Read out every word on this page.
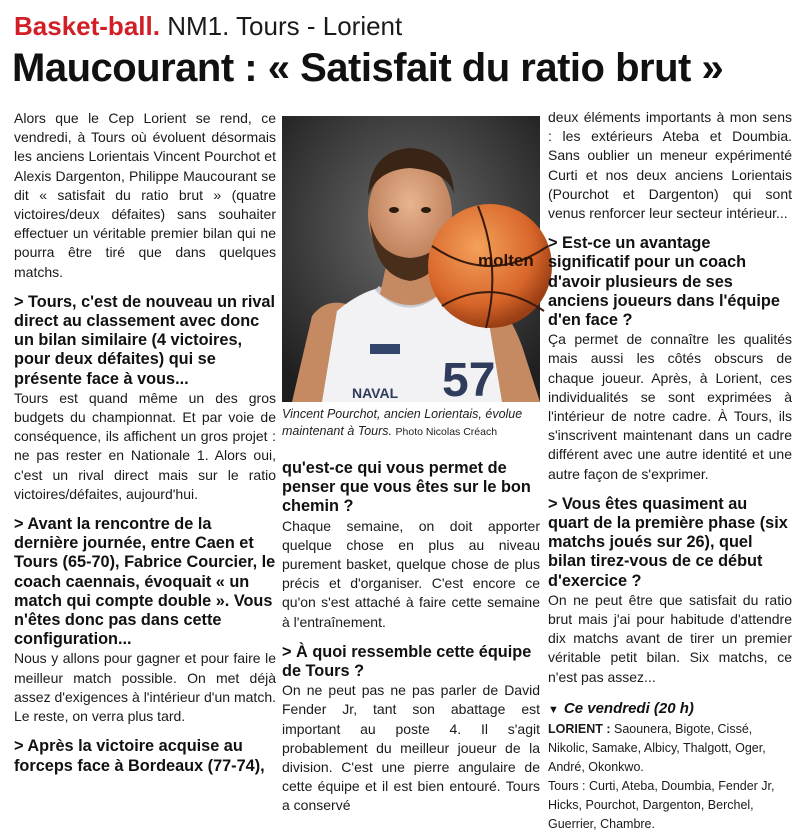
Basket-ball. NM1. Tours - Lorient
Maucourant : « Satisfait du ratio brut »

Alors que le Cep Lorient se rend, ce vendredi, à Tours où évoluent désormais les anciens Lorientais Vincent Pourchot et Alexis Dargenton, Philippe Maucourant se dit « satisfait du ratio brut » (quatre victoires/deux défaites) sans souhaiter effectuer un véritable premier bilan qui ne pourra être tiré que dans quelques matchs.

> Tours, c'est de nouveau un rival direct au classement avec donc un bilan similaire (4 victoires, pour deux défaites) qui se présente face à vous...

Tours est quand même un des gros budgets du championnat. Et par voie de conséquence, ils affichent un gros projet : ne pas rester en Nationale 1. Alors oui, c'est un rival direct mais sur le ratio victoires/défaites, aujourd'hui.

> Avant la rencontre de la dernière journée, entre Caen et Tours (65-70), Fabrice Courcier, le coach caennais, évoquait « un match qui compte double ». Vous n'êtes donc pas dans cette configuration...

Nous y allons pour gagner et pour faire le meilleur match possible. On met déjà assez d'exigences à l'intérieur d'un match. Le reste, on verra plus tard.

> Après la victoire acquise au forceps face à Bordeaux (77-74),
57
NAVAL
molten
Vincent Pourchot, ancien Lorientais, évolue maintenant à Tours. Photo Nicolas Créach
qu'est-ce qui vous permet de penser que vous êtes sur le bon chemin ?

Chaque semaine, on doit apporter quelque chose en plus au niveau purement basket, quelque chose de plus précis et d'organiser. C'est encore ce qu'on s'est attaché à faire cette semaine à l'entraînement.

> À quoi ressemble cette équipe de Tours ?

On ne peut pas ne pas parler de David Fender Jr, tant son abattage est important au poste 4. Il s'agit probablement du meilleur joueur de la division. C'est une pierre angulaire de cette équipe et il est bien entouré. Tours a conservé

deux éléments importants à mon sens : les extérieurs Ateba et Doumbia. Sans oublier un meneur expérimenté Curti et nos deux anciens Lorientais (Pourchot et Dargenton) qui sont venus renforcer leur secteur intérieur...

> Est-ce un avantage significatif pour un coach d'avoir plusieurs de ses anciens joueurs dans l'équipe d'en face ?

Ça permet de connaître les qualités mais aussi les côtés obscurs de chaque joueur. Après, à Lorient, ces individualités se sont exprimées à l'intérieur de notre cadre. À Tours, ils s'inscrivent maintenant dans un cadre différent avec une autre identité et une autre façon de s'exprimer.

> Vous êtes quasiment au quart de la première phase (six matchs joués sur 26), quel bilan tirez-vous de ce début d'exercice ?

On ne peut être que satisfait du ratio brut mais j'ai pour habitude d'attendre dix matchs avant de tirer un premier véritable petit bilan. Six matchs, ce n'est pas assez...

▼ Ce vendredi (20 h)
LORIENT : Saounera, Bigote, Cissé, Nikolic, Samake, Albicy, Thalgott, Oger, André, Okonkwo.
Tours : Curti, Ateba, Doumbia, Fender Jr, Hicks, Pourchot, Dargenton, Berchel, Guerrier, Chambre.
